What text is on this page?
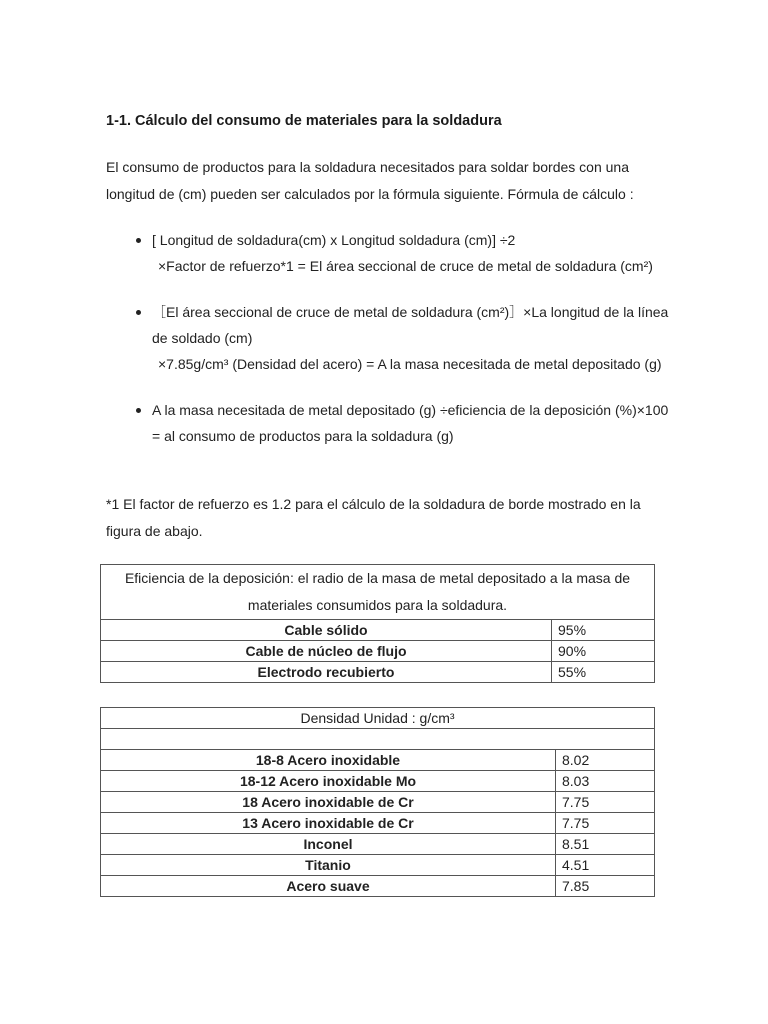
1-1. Cálculo del consumo de materiales para la soldadura
El consumo de productos para la soldadura necesitados para soldar bordes con una longitud de (cm) pueden ser calculados por la fórmula siguiente. Fórmula de cálculo :
[ Longitud de soldadura(cm) x Longitud soldadura (cm)] ÷2
×Factor de refuerzo*1 = El área seccional de cruce de metal de soldadura (cm²)
［El área seccional de cruce de metal de soldadura (cm²)］×La longitud de la línea de soldado (cm)
×7.85g/cm³ (Densidad del acero) = A la masa necesitada de metal depositado (g)
A la masa necesitada de metal depositado (g) ÷eficiencia de la deposición (%)×100
= al consumo de productos para la soldadura (g)
*1 El factor de refuerzo es 1.2 para el cálculo de la soldadura de borde mostrado en la figura de abajo.
Eficiencia de la deposición: el radio de la masa de metal depositado a la masa de materiales consumidos para la soldadura.	
Cable sólido	95%
Cable de núcleo de flujo	90%
Electrodo recubierto	55%
Densidad Unidad : g/cm³	

18-8 Acero inoxidable	8.02
18-12 Acero inoxidable Mo	8.03
18 Acero inoxidable de Cr	7.75
13 Acero inoxidable de Cr	7.75
Inconel	8.51
Titanio	4.51
Acero suave	7.85
